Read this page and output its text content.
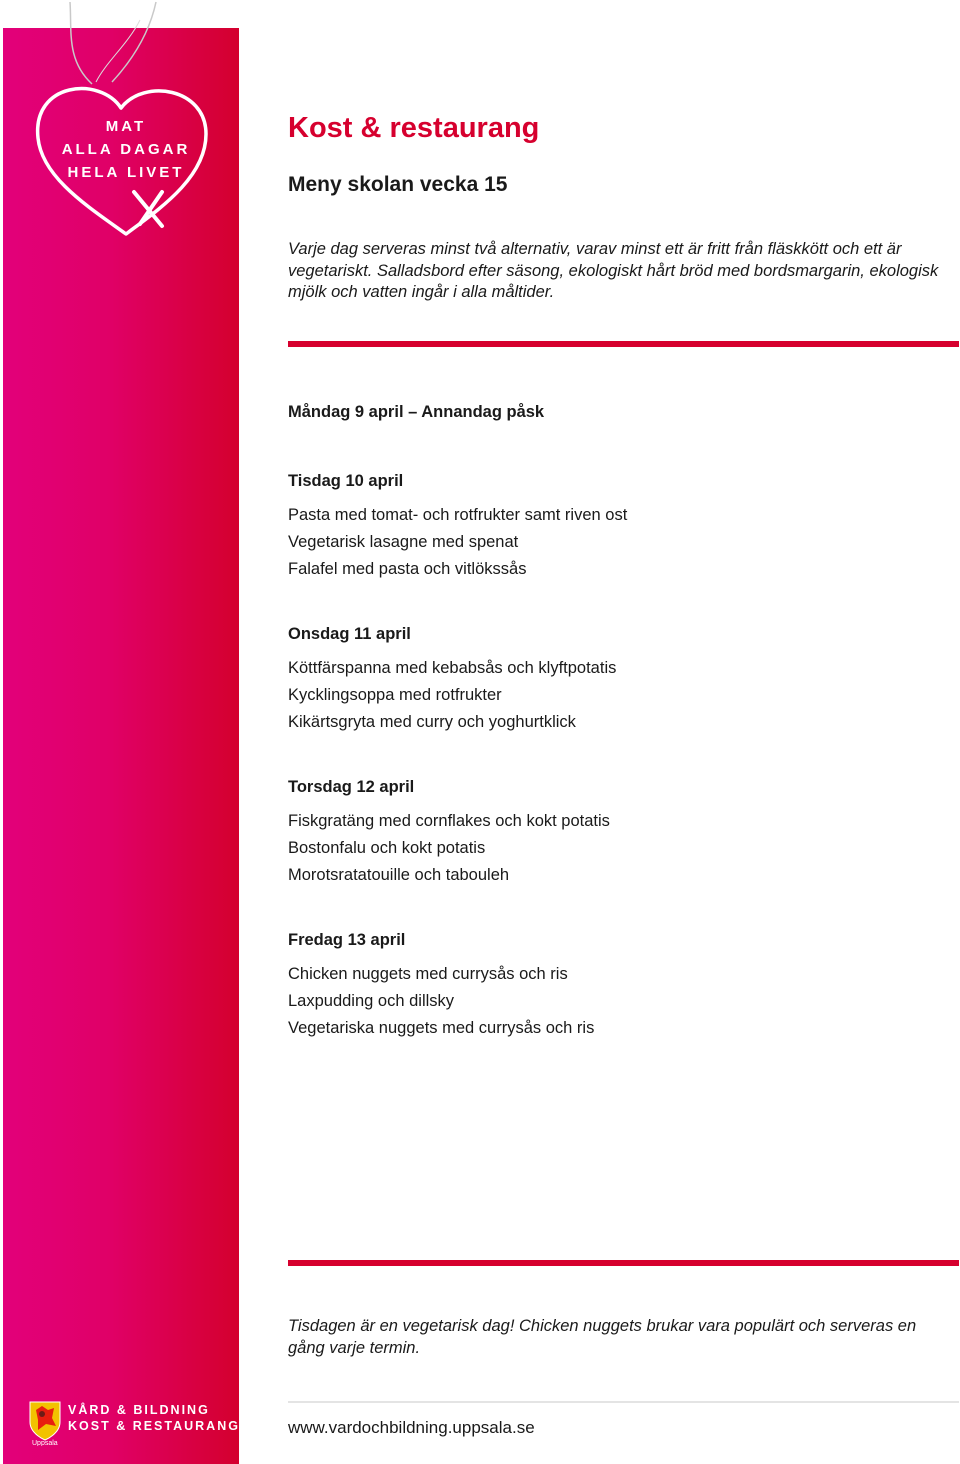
MAT
ALLA DAGAR
HELA LIVET
Kost & restaurang
Meny skolan vecka 15

Varje dag serveras minst två alternativ, varav minst ett är fritt från fläskkött och ett är vegetariskt. Salladsbord efter säsong, ekologiskt hårt bröd med bordsmargarin, ekologisk mjölk och vatten ingår i alla måltider.

Måndag 9 april – Annandag påsk

Tisdag 10 april

Pasta med tomat- och rotfrukter samt riven ost

Vegetarisk lasagne med spenat

Falafel med pasta och vitlökssås

Onsdag 11 april

Köttfärspanna med kebabsås och klyftpotatis

Kycklingsoppa med rotfrukter

Kikärtsgryta med curry och yoghurtklick

Torsdag 12 april

Fiskgratäng med cornflakes och kokt potatis

Bostonfalu och kokt potatis

Morotsratatouille och tabouleh

Fredag 13 april

Chicken nuggets med currysås och ris

Laxpudding och dillsky

Vegetariska nuggets med currysås och ris

Tisdagen är en vegetarisk dag! Chicken nuggets brukar vara populärt och serveras en gång varje termin.

Uppsala
VÅRD & BILDNING
KOST & RESTAURANG	www.vardochbildning.uppsala.se
